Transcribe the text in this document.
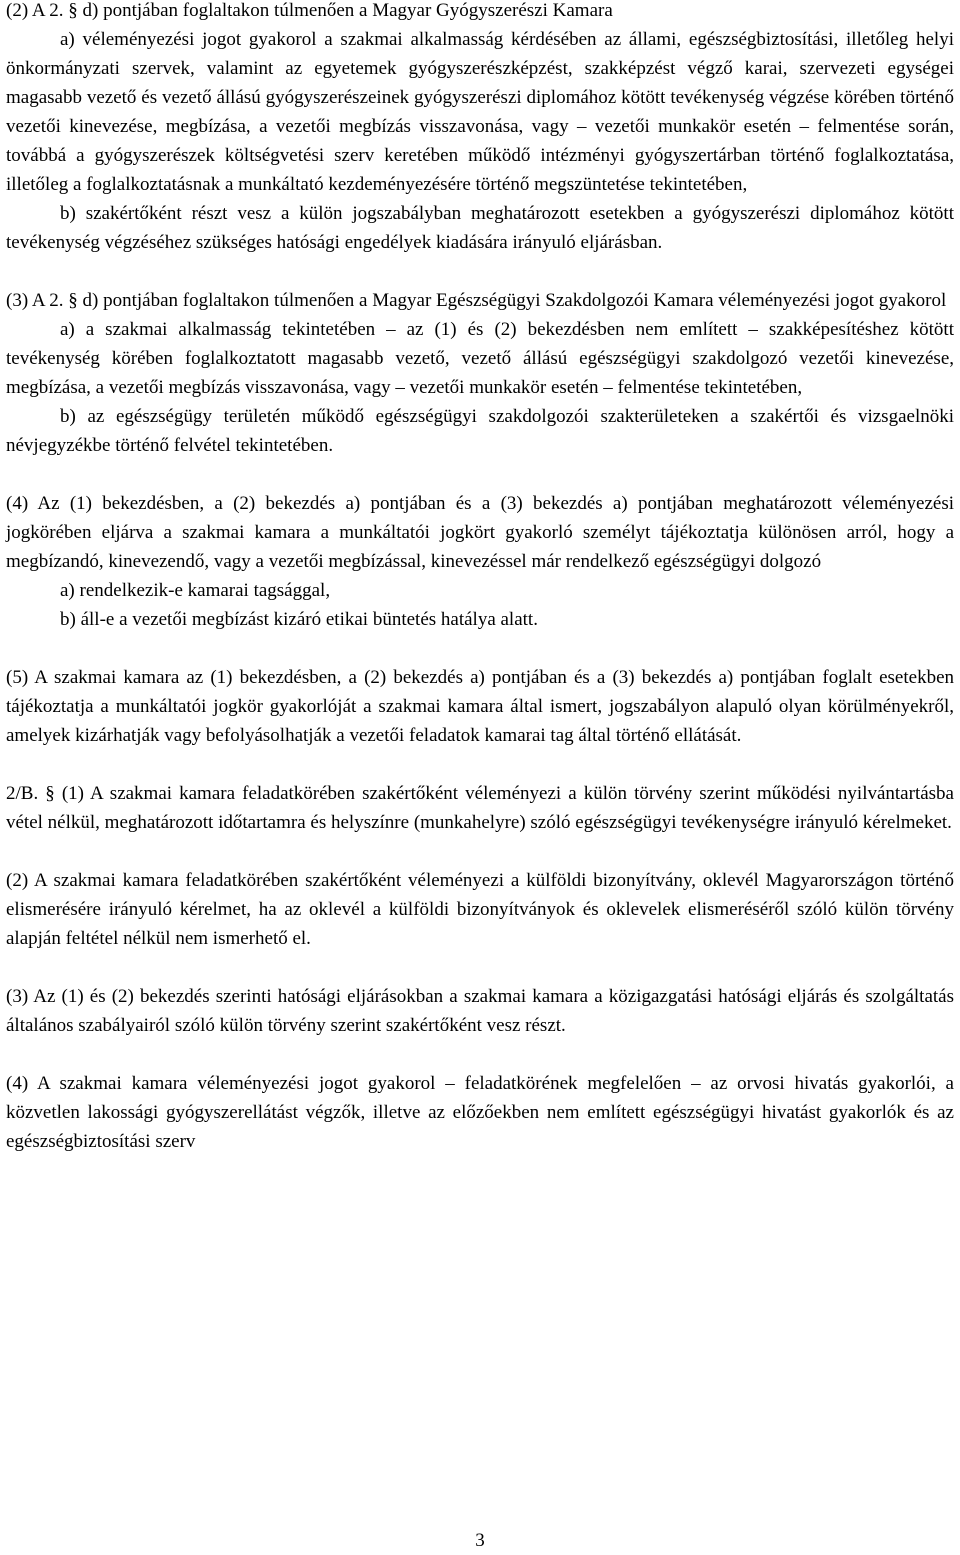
(2) A 2. § d) pontjában foglaltakon túlmenően a Magyar Gyógyszerészi Kamara

a) véleményezési jogot gyakorol a szakmai alkalmasság kérdésében az állami, egészségbiztosítási, illetőleg helyi önkormányzati szervek, valamint az egyetemek gyógyszerészképzést, szakképzést végző karai, szervezeti egységei magasabb vezető és vezető állású gyógyszerészeinek gyógyszerészi diplomához kötött tevékenység végzése körében történő vezetői kinevezése, megbízása, a vezetői megbízás visszavonása, vagy – vezetői munkakör esetén – felmentése során, továbbá a gyógyszerészek költségvetési szerv keretében működő intézményi gyógyszertárban történő foglalkoztatása, illetőleg a foglalkoztatásnak a munkáltató kezdeményezésére történő megszüntetése tekintetében,

b) szakértőként részt vesz a külön jogszabályban meghatározott esetekben a gyógyszerészi diplomához kötött tevékenység végzéséhez szükséges hatósági engedélyek kiadására irányuló eljárásban.

(3) A 2. § d) pontjában foglaltakon túlmenően a Magyar Egészségügyi Szakdolgozói Kamara véleményezési jogot gyakorol

a) a szakmai alkalmasság tekintetében – az (1) és (2) bekezdésben nem említett – szakképesítéshez kötött tevékenység körében foglalkoztatott magasabb vezető, vezető állású egészségügyi szakdolgozó vezetői kinevezése, megbízása, a vezetői megbízás visszavonása, vagy – vezetői munkakör esetén – felmentése tekintetében,

b) az egészségügy területén működő egészségügyi szakdolgozói szakterületeken a szakértői és vizsgaelnöki névjegyzékbe történő felvétel tekintetében.

(4) Az (1) bekezdésben, a (2) bekezdés a) pontjában és a (3) bekezdés a) pontjában meghatározott véleményezési jogkörében eljárva a szakmai kamara a munkáltatói jogkört gyakorló személyt tájékoztatja különösen arról, hogy a megbízandó, kinevezendő, vagy a vezetői megbízással, kinevezéssel már rendelkező egészségügyi dolgozó

a) rendelkezik-e kamarai tagsággal,

b) áll-e a vezetői megbízást kizáró etikai büntetés hatálya alatt.

(5) A szakmai kamara az (1) bekezdésben, a (2) bekezdés a) pontjában és a (3) bekezdés a) pontjában foglalt esetekben tájékoztatja a munkáltatói jogkör gyakorlóját a szakmai kamara által ismert, jogszabályon alapuló olyan körülményekről, amelyek kizárhatják vagy befolyásolhatják a vezetői feladatok kamarai tag által történő ellátását.

2/B. § (1) A szakmai kamara feladatkörében szakértőként véleményezi a külön törvény szerint működési nyilvántartásba vétel nélkül, meghatározott időtartamra és helyszínre (munkahelyre) szóló egészségügyi tevékenységre irányuló kérelmeket.

(2) A szakmai kamara feladatkörében szakértőként véleményezi a külföldi bizonyítvány, oklevél Magyarországon történő elismerésére irányuló kérelmet, ha az oklevél a külföldi bizonyítványok és oklevelek elismeréséről szóló külön törvény alapján feltétel nélkül nem ismerhető el.

(3) Az (1) és (2) bekezdés szerinti hatósági eljárásokban a szakmai kamara a közigazgatási hatósági eljárás és szolgáltatás általános szabályairól szóló külön törvény szerint szakértőként vesz részt.

(4) A szakmai kamara véleményezési jogot gyakorol – feladatkörének megfelelően – az orvosi hivatás gyakorlói, a közvetlen lakossági gyógyszerellátást végzők, illetve az előzőekben nem említett egészségügyi hivatást gyakorlók és az egészségbiztosítási szerv

3
